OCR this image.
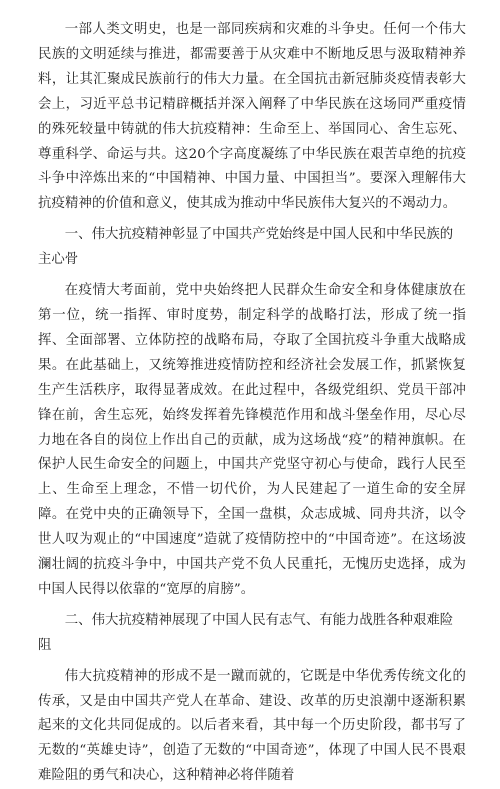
一部人类文明史，也是一部同疾病和灾难的斗争史。任何一个伟大民族的文明延续与推进，都需要善于从灾难中不断地反思与汲取精神养料，让其汇聚成民族前行的伟大力量。在全国抗击新冠肺炎疫情表彰大会上，习近平总书记精辟概括并深入阐释了中华民族在这场同严重疫情的殊死较量中铸就的伟大抗疫精神：生命至上、举国同心、舍生忘死、尊重科学、命运与共。这20个字高度凝练了中华民族在艰苦卓绝的抗疫斗争中淬炼出来的“中国精神、中国力量、中国担当”。要深入理解伟大抗疫精神的价值和意义，使其成为推动中华民族伟大复兴的不竭动力。

一、伟大抗疫精神彰显了中国共产党始终是中国人民和中华民族的主心骨

在疫情大考面前，党中央始终把人民群众生命安全和身体健康放在第一位，统一指挥、审时度势，制定科学的战略打法，形成了统一指挥、全面部署、立体防控的战略布局，夺取了全国抗疫斗争重大战略成果。在此基础上，又统筹推进疫情防控和经济社会发展工作，抓紧恢复生产生活秩序，取得显著成效。在此过程中，各级党组织、党员干部冲锋在前，舍生忘死，始终发挥着先锋模范作用和战斗堡垒作用，尽心尽力地在各自的岗位上作出自己的贡献，成为这场战“疫”的精神旗帜。在保护人民生命安全的问题上，中国共产党坚守初心与使命，践行人民至上、生命至上理念，不惜一切代价，为人民建起了一道生命的安全屏障。在党中央的正确领导下，全国一盘棋，众志成城、同舟共济，以令世人叹为观止的“中国速度”造就了疫情防控中的“中国奇迹”。在这场波澜壮阔的抗疫斗争中，中国共产党不负人民重托，无愧历史选择，成为中国人民得以依靠的“宽厚的肩膀”。

二、伟大抗疫精神展现了中国人民有志气、有能力战胜各种艰难险阻

伟大抗疫精神的形成不是一蹴而就的，它既是中华优秀传统文化的传承，又是由中国共产党人在革命、建设、改革的历史浪潮中逐渐积累起来的文化共同促成的。以后者来看，其中每一个历史阶段，都书写了无数的“英雄史诗”，创造了无数的“中国奇迹”，体现了中国人民不畏艰难险阻的勇气和决心，这种精神必将伴随着
